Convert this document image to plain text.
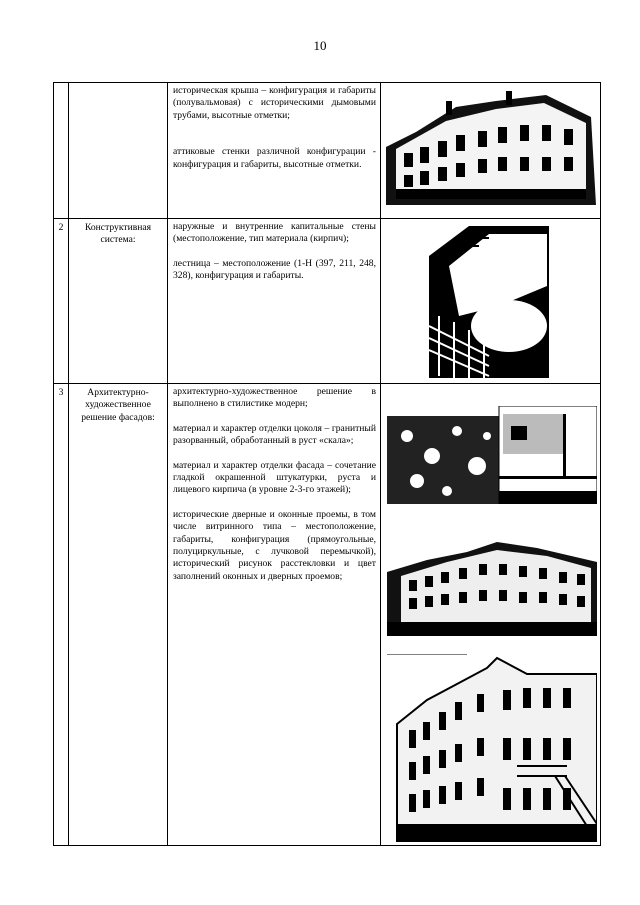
10

		историческая крыша – конфигурация и габариты (полувальмовая) с историческими дымовыми трубами, высотные отметки;

аттиковые стенки различной конфигурации - конфигурация и габариты, высотные отметки.

2	Конструктивная система:	наружные и внутренние капитальные стены (местоположение, тип материала (кирпич);

лестница – местоположение (1-Н (397, 211, 248, 328), конфигурация и габариты.

3	Архитектурно-художественное решение фасадов:	архитектурно-художественное решение в выполнено в стилистике модерн;

материал и характер отделки цоколя – гранитный разорванный, обработанный в руст «скала»;

материал и характер отделки фасада – сочетание гладкой окрашенной штукатурки, руста и лицевого кирпича (в уровне 2-3-го этажей);

исторические дверные и оконные проемы, в том числе витринного типа – местоположение, габариты, конфигурация (прямоугольные, полуциркульные, с лучковой перемычкой), исторический рисунок расстекловки и цвет заполнений оконных и дверных проемов;
